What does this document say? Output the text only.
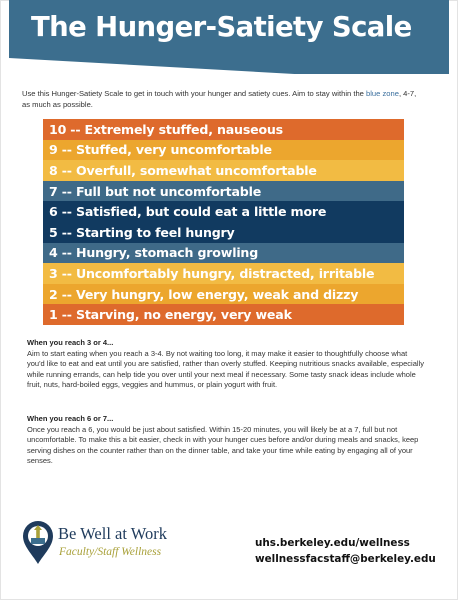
The Hunger-Satiety Scale
Use this Hunger-Satiety Scale to get in touch with your hunger and satiety cues. Aim to stay within the blue zone, 4-7, as much as possible.
10 -- Extremely stuffed, nauseous
9 -- Stuffed, very uncomfortable
8 -- Overfull, somewhat uncomfortable
7 -- Full but not uncomfortable
6 -- Satisfied, but could eat a little more
5 -- Starting to feel hungry
4 -- Hungry, stomach growling
3 -- Uncomfortably hungry, distracted, irritable
2 -- Very hungry, low energy, weak and dizzy
1 -- Starving, no energy, very weak
When you reach 3 or 4...
Aim to start eating when you reach a 3-4. By not waiting too long, it may make it easier to thoughtfully choose what you'd like to eat and eat until you are satisfied, rather than overly stuffed. Keeping nutritious snacks available, especially while running errands, can help tide you over until your next meal if necessary. Some tasty snack ideas include whole fruit, nuts, hard-boiled eggs, veggies and hummus, or plain yogurt with fruit.
When you reach 6 or 7...
Once you reach a 6, you would be just about satisfied. Within 15-20 minutes, you will likely be at a 7, full but not uncomfortable. To make this a bit easier, check in with your hunger cues before and/or during meals and snacks, keep serving dishes on the counter rather than on the dinner table, and take your time while eating by engaging all of your senses.
Be Well at Work
Faculty/Staff Wellness
uhs.berkeley.edu/wellness
wellnessfacstaff@berkeley.edu
